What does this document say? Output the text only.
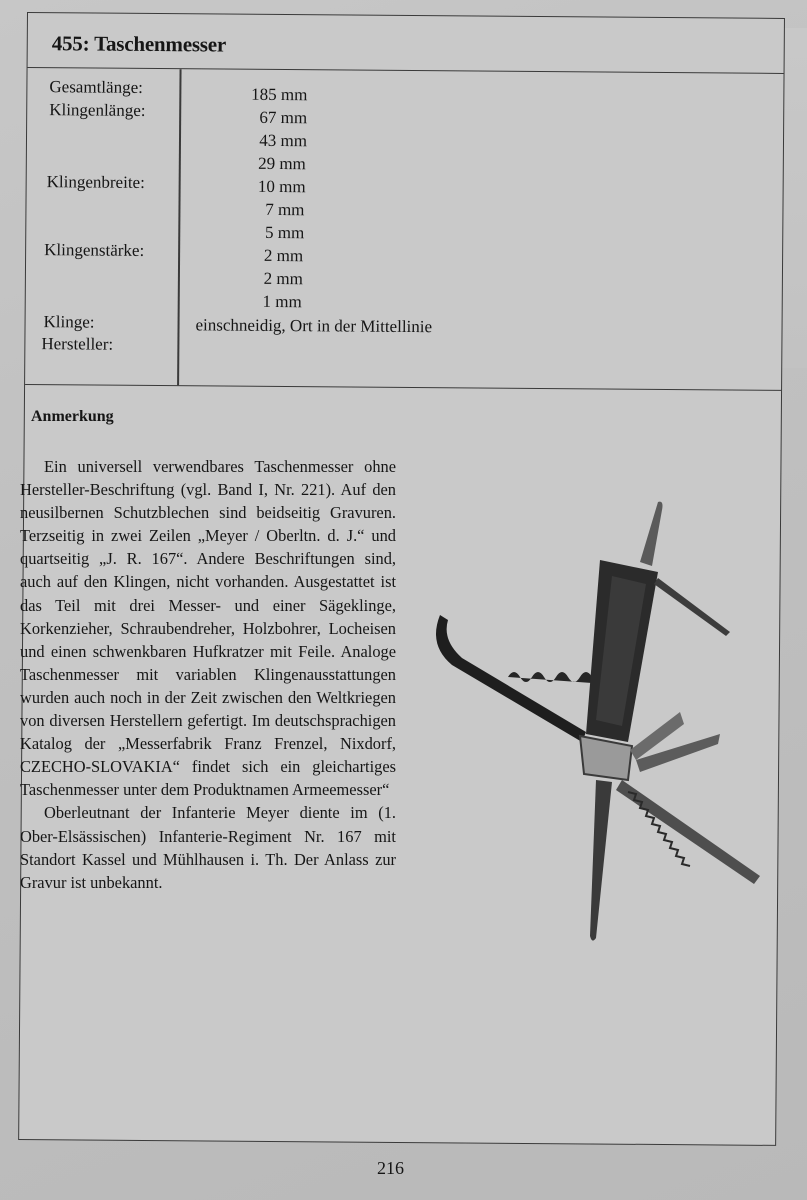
455: Taschenmesser
Gesamtlänge:
Klingenlänge:
Klingenbreite:
Klingenstärke:
Klinge:
Hersteller:
185 mm
67 mm
43 mm
29 mm
10 mm
7 mm
5 mm
2 mm
2 mm
1 mm
einschneidig, Ort in der Mittellinie
Anmerkung

Ein universell verwendbares Taschenmesser ohne Hersteller-Beschriftung (vgl. Band I, Nr. 221). Auf den neusilbernen Schutzblechen sind beidseitig Gravuren. Terzseitig in zwei Zeilen „Meyer / Oberltn. d. J.“ und quartseitig „J. R. 167“. Andere Beschriftungen sind, auch auf den Klingen, nicht vorhanden. Ausgestattet ist das Teil mit drei Messer- und einer Sägeklinge, Korkenzieher, Schraubendreher, Holzbohrer, Locheisen und einen schwenkbaren Hufkratzer mit Feile. Analoge Taschenmesser mit variablen Klingenausstattungen wurden auch noch in der Zeit zwischen den Weltkriegen von diversen Herstellern gefertigt. Im deutschsprachigen Katalog der „Messerfabrik Franz Frenzel, Nixdorf, CZECHO-SLOVAKIA“ findet sich ein gleichartiges Taschenmesser unter dem Produktnamen Armeemesser“

Oberleutnant der Infanterie Meyer diente im (1. Ober-Elsässischen) Infanterie-Regiment Nr. 167 mit Standort Kassel und Mühlhausen i. Th. Der Anlass zur Gravur ist unbekannt.

216
